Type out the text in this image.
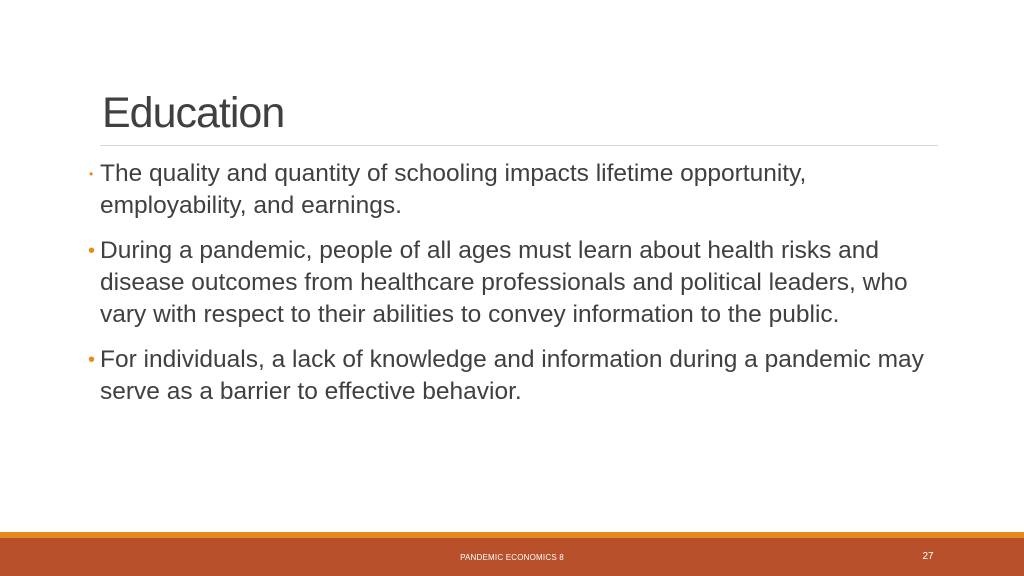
Education
• The quality and quantity of schooling impacts lifetime opportunity, employability, and earnings.
• During a pandemic, people of all ages must learn about health risks and disease outcomes from healthcare professionals and political leaders, who vary with respect to their abilities to convey information to the public.
• For individuals, a lack of knowledge and information during a pandemic may serve as a barrier to effective behavior.
PANDEMIC ECONOMICS 8	27
